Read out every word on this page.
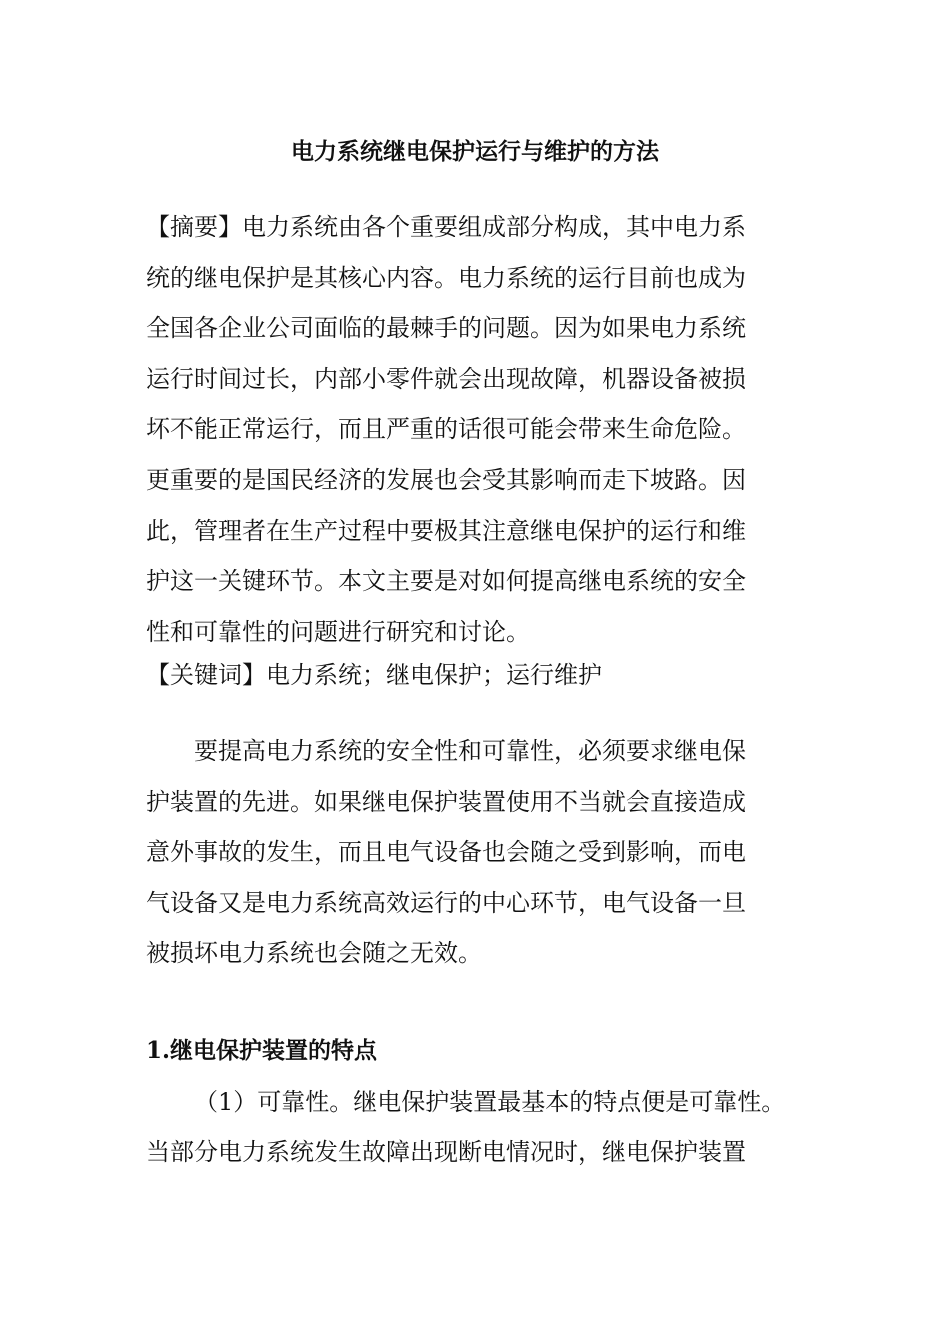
电力系统继电保护运行与维护的方法
【摘要】电力系统由各个重要组成部分构成，其中电力系
统的继电保护是其核心内容。电力系统的运行目前也成为
全国各企业公司面临的最棘手的问题。因为如果电力系统
运行时间过长，内部小零件就会出现故障，机器设备被损
坏不能正常运行，而且严重的话很可能会带来生命危险。
更重要的是国民经济的发展也会受其影响而走下坡路。因
此，管理者在生产过程中要极其注意继电保护的运行和维
护这一关键环节。本文主要是对如何提高继电系统的安全
性和可靠性的问题进行研究和讨论。
【关键词】电力系统；继电保护；运行维护
要提高电力系统的安全性和可靠性，必须要求继电保
护装置的先进。如果继电保护装置使用不当就会直接造成
意外事故的发生，而且电气设备也会随之受到影响，而电
气设备又是电力系统高效运行的中心环节，电气设备一旦
被损坏电力系统也会随之无效。
1.继电保护装置的特点
（1）可靠性。继电保护装置最基本的特点便是可靠性。
当部分电力系统发生故障出现断电情况时，继电保护装置
